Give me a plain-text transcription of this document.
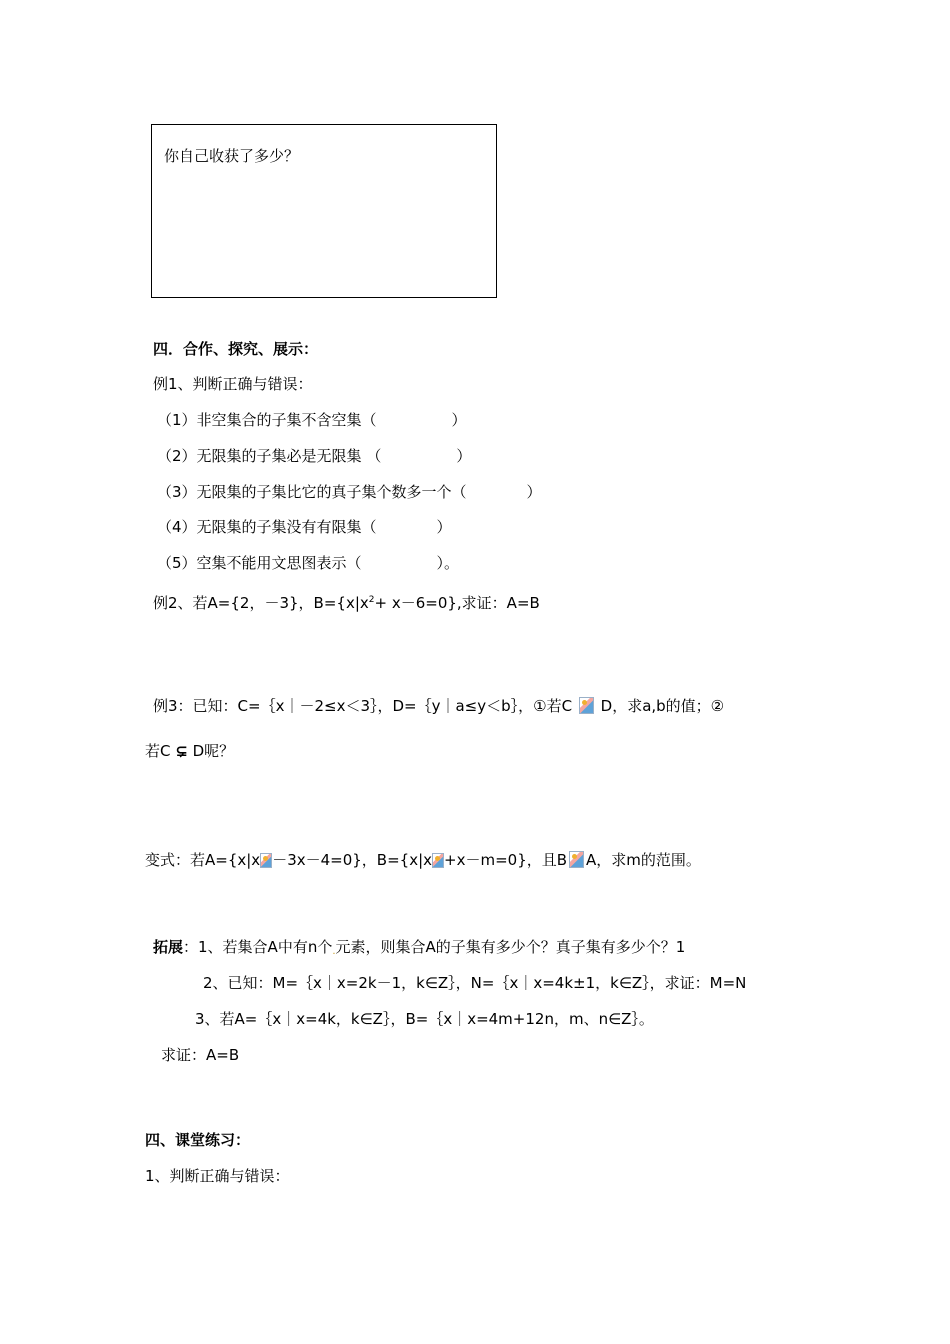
你自己收获了多少？
四．合作、探究、展示：
例1、判断正确与错误：
（1）非空集合的子集不含空集（　　　　　）
（2）无限集的子集必是无限集 （　　　　　）
（3）无限集的子集比它的真子集个数多一个（　　　　）
（4）无限集的子集没有有限集（　　　　）
（5）空集不能用文思图表示（　　　　　）。
例2、若A={2，－3}，$B=\{x|x^2+ x-6=0\}$,求证：A=B
例3：已知：C=｛x｜－2≤x＜3｝，D=｛y｜a≤y＜b｝，①若C D，求a,b的值；②
若C ⊊ D呢？
变式：若A={x|x －3x－4=0}，B={x|x +x－m=0}，且B A，求m的范围。
拓展：1、若集合A中有n个.元素，则集合A的子集有多少个？真子集有多少个？1
2、已知：M=｛x｜x=2k－1，k∈Z｝，N=｛x｜x=4k±1，k∈Z｝，求证：M=N
3、若A=｛x｜x=4k，k∈Z｝，B=｛x｜x=4m+12n，m、n∈Z｝。
求证：A=B
四、课堂练习：
1、判断正确与错误：
